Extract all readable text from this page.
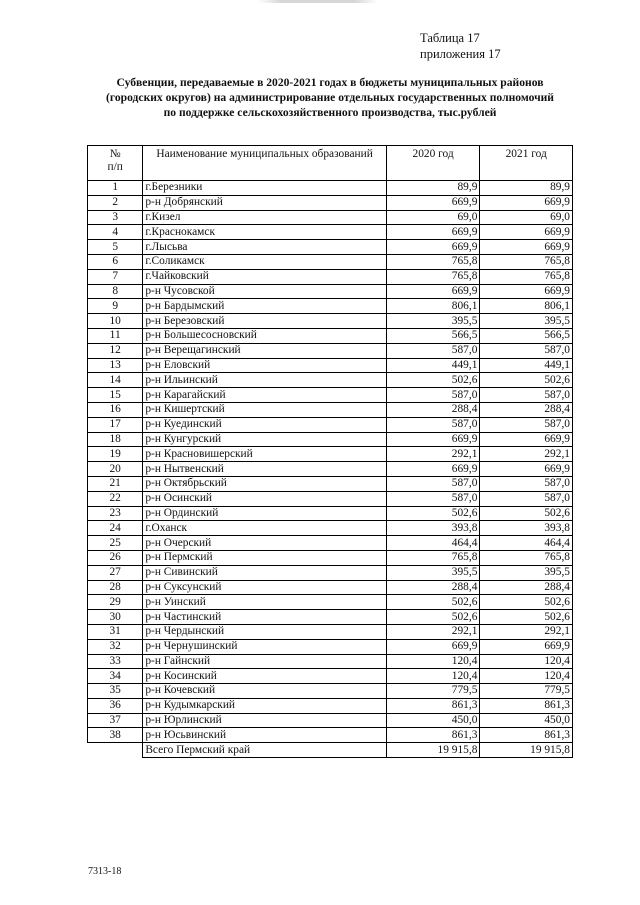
Таблица 17
приложения 17
Субвенции, передаваемые в 2020-2021 годах в бюджеты муниципальных районов
(городских округов) на администрирование отдельных государственных полномочий
по поддержке сельскохозяйственного производства, тыс.рублей
№
п/п	Наименование муниципальных образований	2020 год	2021 год
1	г.Березники	89,9	89,9
2	р-н Добрянский	669,9	669,9
3	г.Кизел	69,0	69,0
4	г.Краснокамск	669,9	669,9
5	г.Лысьва	669,9	669,9
6	г.Соликамск	765,8	765,8
7	г.Чайковский	765,8	765,8
8	р-н Чусовской	669,9	669,9
9	р-н Бардымский	806,1	806,1
10	р-н Березовский	395,5	395,5
11	р-н Большесосновский	566,5	566,5
12	р-н Верещагинский	587,0	587,0
13	р-н Еловский	449,1	449,1
14	р-н Ильинский	502,6	502,6
15	р-н Карагайский	587,0	587,0
16	р-н Кишертский	288,4	288,4
17	р-н Куединский	587,0	587,0
18	р-н Кунгурский	669,9	669,9
19	р-н Красновишерский	292,1	292,1
20	р-н Нытвенский	669,9	669,9
21	р-н Октябрьский	587,0	587,0
22	р-н Осинский	587,0	587,0
23	р-н Ординский	502,6	502,6
24	г.Оханск	393,8	393,8
25	р-н Очерский	464,4	464,4
26	р-н Пермский	765,8	765,8
27	р-н Сивинский	395,5	395,5
28	р-н Суксунский	288,4	288,4
29	р-н Уинский	502,6	502,6
30	р-н Частинский	502,6	502,6
31	р-н Чердынский	292,1	292,1
32	р-н Чернушинский	669,9	669,9
33	р-н Гайнский	120,4	120,4
34	р-н Косинский	120,4	120,4
35	р-н Кочевский	779,5	779,5
36	р-н Кудымкарский	861,3	861,3
37	р-н Юрлинский	450,0	450,0
38	р-н Юсьвинский	861,3	861,3
	Всего Пермский край	19 915,8	19 915,8
7313-18
